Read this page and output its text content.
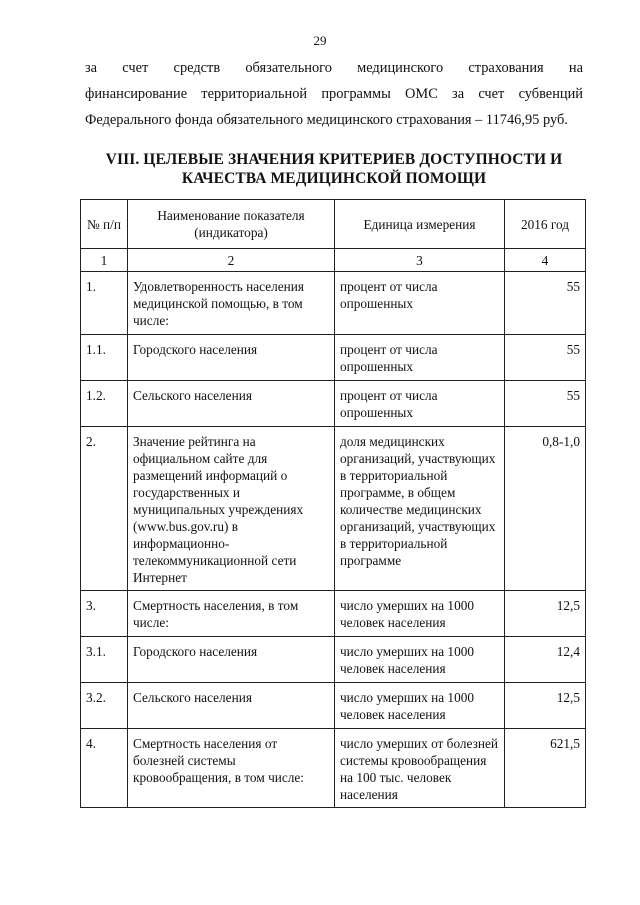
29
за счет средств обязательного медицинского страхования на
финансирование территориальной программы ОМС за счет субвенций
Федерального фонда обязательного медицинского страхования – 11746,95 руб.
VIII. ЦЕЛЕВЫЕ ЗНАЧЕНИЯ КРИТЕРИЕВ ДОСТУПНОСТИ И
КАЧЕСТВА МЕДИЦИНСКОЙ ПОМОЩИ
№ п/п	Наименование показателя (индикатора)	Единица измерения	2016 год
1	2	3	4
1.	Удовлетворенность населения медицинской помощью, в том числе:	процент от числа опрошенных	55
1.1.	Городского населения	процент от числа опрошенных	55
1.2.	Сельского населения	процент от числа опрошенных	55
2.	Значение рейтинга на официальном сайте для размещений информаций о государственных и муниципальных учреждениях (www.bus.gov.ru) в информационно-телекоммуникационной сети Интернет	доля медицинских организаций, участвующих в территориальной программе, в общем количестве медицинских организаций, участвующих в территориальной программе	0,8-1,0
3.	Смертность населения, в том числе:	число умерших на 1000 человек населения	12,5
3.1.	Городского населения	число умерших на 1000 человек населения	12,4
3.2.	Сельского населения	число умерших на 1000 человек населения	12,5
4.	Смертность населения от болезней системы кровообращения, в том числе:	число умерших от болезней системы кровообращения на 100 тыс. человек населения	621,5
